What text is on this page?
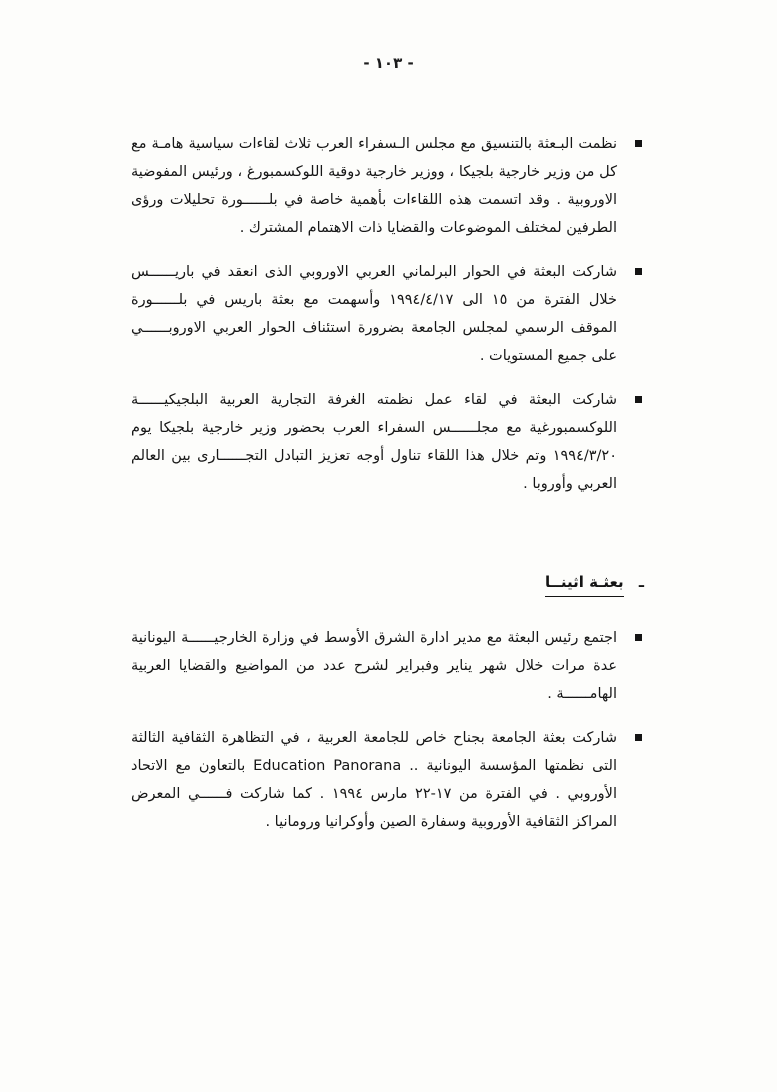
- ١٠٣ -

نظمت البـعثة بالتنسيق مع مجلس الـسفراء العرب ثلاث لقاءات سياسية هامـة مع كل من وزير خارجية بلجيكا ، ووزير خارجية دوقية اللوكسمبورغ ، ورئيس المفوضية الاوروبية . وقد اتسمت هذه اللقاءات بأهمية خاصة في بلــــــورة تحليلات ورؤى الطرفين لمختلف الموضوعات والقضايا ذات الاهتمام المشترك .

شاركت البعثة في الحوار البرلماني العربي الاوروبي الذى انعقد في باريــــــس خلال الفترة من ١٥ الى ١٩٩٤/٤/١٧ وأسهمت مع بعثة باريس في بلــــــورة الموقف الرسمي لمجلس الجامعة بضرورة استئناف الحوار العربي الاوروبــــــي على جميع المستويات .

شاركت البعثة في لقاء عمل نظمته الغرفة التجارية العربية البلجيكيــــــة اللوكسمبورغية مع مجلــــــس السفراء العرب بحضور وزير خارجية بلجيكا يوم ١٩٩٤/٣/٢٠ وتم خلال هذا اللقاء تناول أوجه تعزيز التبادل التجــــــارى بين العالم العربي وأوروبا .

ـ بعثـة اثينــا

اجتمع رئيس البعثة مع مدير ادارة الشرق الأوسط في وزارة الخارجيــــــة اليونانية عدة مرات خلال شهر يناير وفبراير لشرح عدد من المواضيع والقضايا العربية الهامــــــة .

شاركت بعثة الجامعة بجناح خاص للجامعة العربية ، في التظاهرة الثقافية الثالثة التى نظمتها المؤسسة اليونانية .. Education Panorana بالتعاون مع الاتحاد الأوروبي . في الفترة من ١٧-٢٢ مارس ١٩٩٤ . كما شاركت فــــــي المعرض المراكز الثقافية الأوروبية وسفارة الصين وأوكرانيا ورومانيا .
